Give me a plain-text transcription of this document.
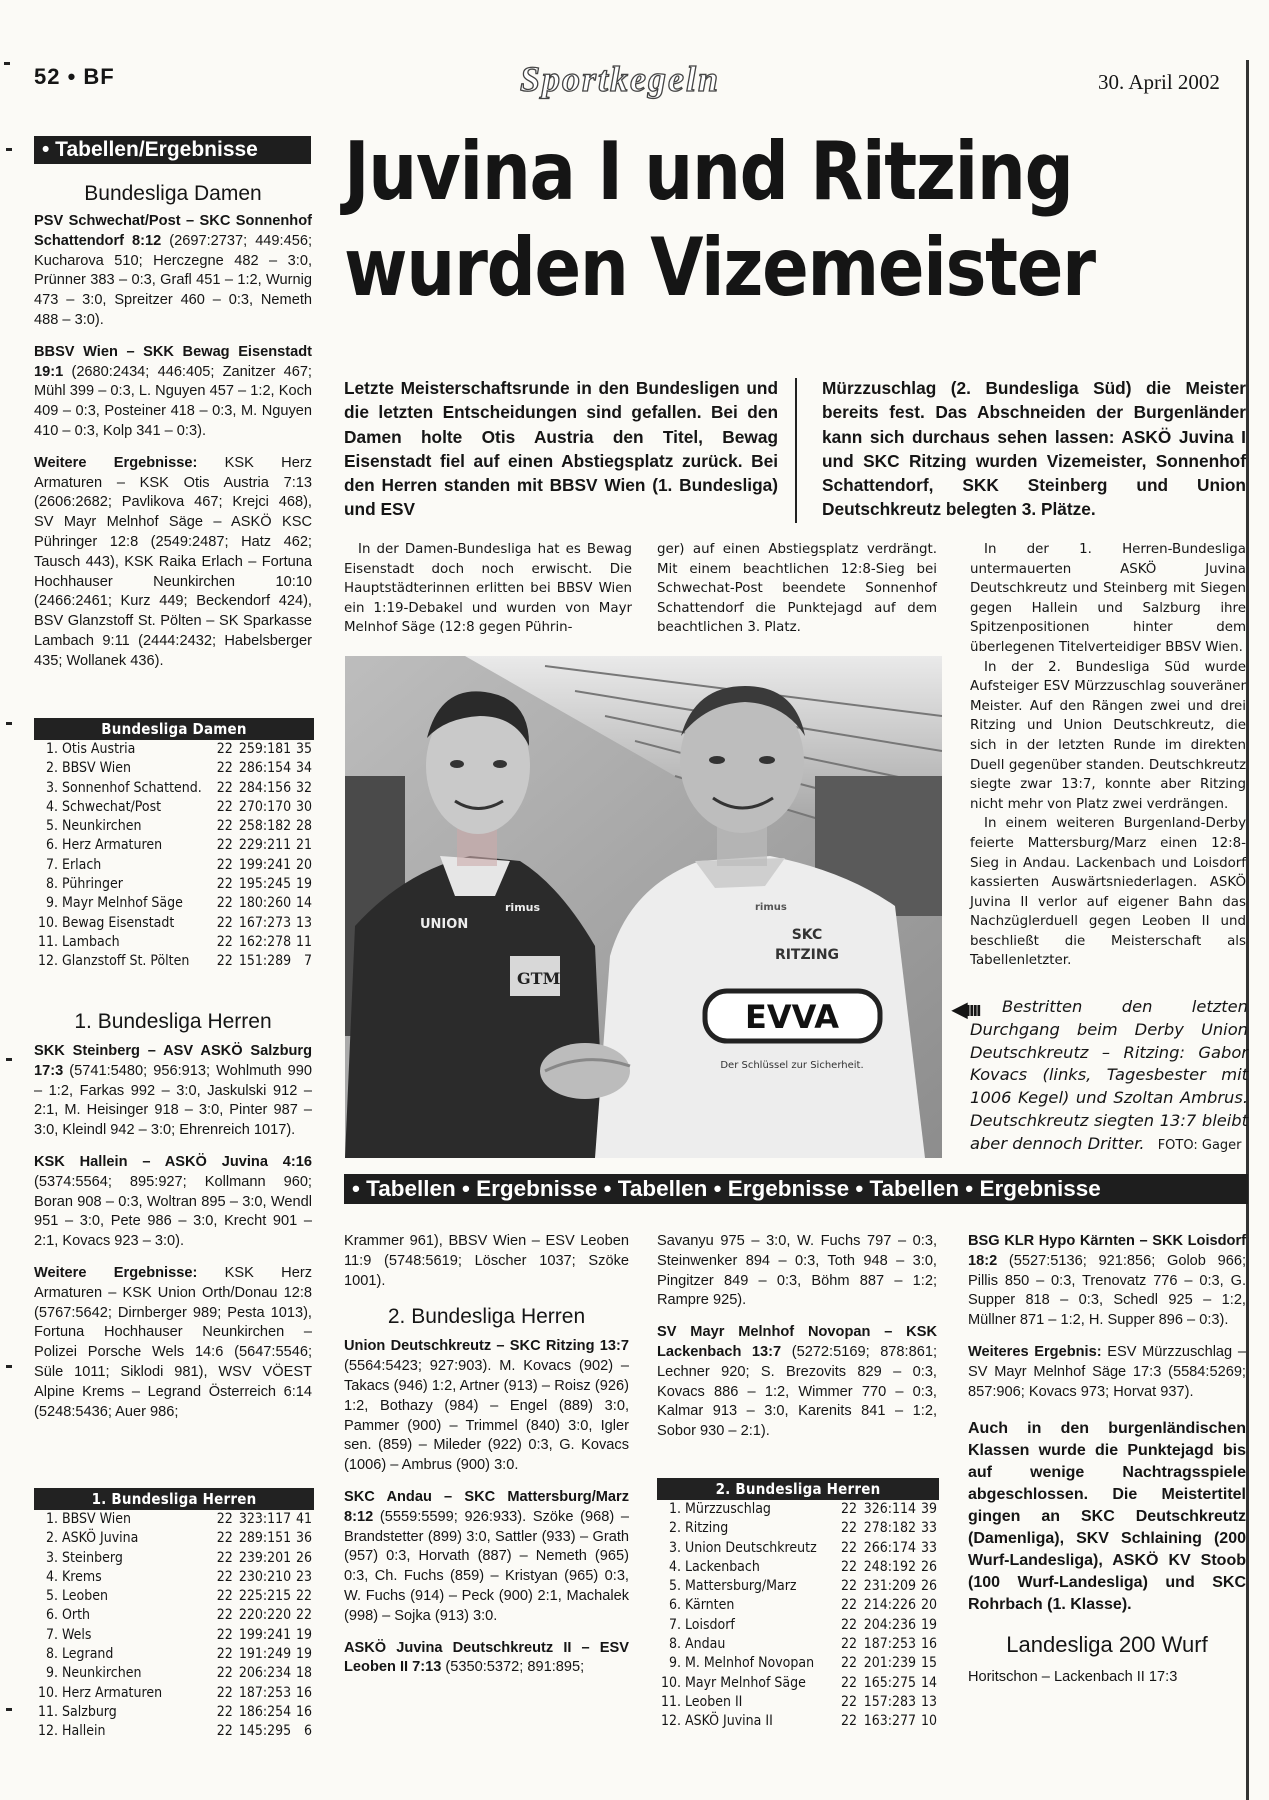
52 • BF	Sportkegeln	30. April 2002
• Tabellen/Ergebnisse
Bundesliga Damen

PSV Schwechat/Post – SKC Sonnenhof Schattendorf 8:12 (2697:2737; 449:456; Kucharova 510; Herczegne 482 – 3:0, Prünner 383 – 0:3, Grafl 451 – 1:2, Wurnig 473 – 3:0, Spreitzer 460 – 0:3, Nemeth 488 – 3:0).

BBSV Wien – SKK Bewag Eisenstadt 19:1 (2680:2434; 446:405; Zanitzer 467; Mühl 399 – 0:3, L. Nguyen 457 – 1:2, Koch 409 – 0:3, Posteiner 418 – 0:3, M. Nguyen 410 – 0:3, Kolp 341 – 0:3).

Weitere Ergebnisse: KSK Herz Armaturen – KSK Otis Austria 7:13 (2606:2682; Pavlikova 467; Krejci 468), SV Mayr Melnhof Säge – ASKÖ KSC Pühringer 12:8 (2549:2487; Hatz 462; Tausch 443), KSK Raika Erlach – Fortuna Hochhauser Neunkirchen 10:10 (2466:2461; Kurz 449; Beckendorf 424), BSV Glanzstoff St. Pölten – SK Sparkasse Lambach 9:11 (2444:2432; Habelsberger 435; Wollanek 436).

Bundesliga Damen
1.	Otis Austria	22	259:181	35
2.	BBSV Wien	22	286:154	34
3.	Sonnenhof Schattend.	22	284:156	32
4.	Schwechat/Post	22	270:170	30
5.	Neunkirchen	22	258:182	28
6.	Herz Armaturen	22	229:211	21
7.	Erlach	22	199:241	20
8.	Pühringer	22	195:245	19
9.	Mayr Melnhof Säge	22	180:260	14
10.	Bewag Eisenstadt	22	167:273	13
11.	Lambach	22	162:278	11
12.	Glanzstoff St. Pölten	22	151:289	7
1. Bundesliga Herren

SKK Steinberg – ASV ASKÖ Salzburg 17:3 (5741:5480; 956:913; Wohlmuth 990 – 1:2, Farkas 992 – 3:0, Jaskulski 912 – 2:1, M. Heisinger 918 – 3:0, Pinter 987 – 3:0, Kleindl 942 – 3:0; Ehrenreich 1017).

KSK Hallein – ASKÖ Juvina 4:16 (5374:5564; 895:927; Kollmann 960; Boran 908 – 0:3, Woltran 895 – 3:0, Wendl 951 – 3:0, Pete 986 – 3:0, Krecht 901 – 2:1, Kovacs 923 – 3:0).

Weitere Ergebnisse: KSK Herz Armaturen – KSK Union Orth/Donau 12:8 (5767:5642; Dirnberger 989; Pesta 1013), Fortuna Hochhauser Neunkirchen – Polizei Porsche Wels 14:6 (5647:5546; Süle 1011; Siklodi 981), WSV VÖEST Alpine Krems – Legrand Österreich 6:14 (5248:5436; Auer 986;

1. Bundesliga Herren
1.	BBSV Wien	22	323:117	41
2.	ASKÖ Juvina	22	289:151	36
3.	Steinberg	22	239:201	26
4.	Krems	22	230:210	23
5.	Leoben	22	225:215	22
6.	Orth	22	220:220	22
7.	Wels	22	199:241	19
8.	Legrand	22	191:249	19
9.	Neunkirchen	22	206:234	18
10.	Herz Armaturen	22	187:253	16
11.	Salzburg	22	186:254	16
12.	Hallein	22	145:295	6
Juvina I und Ritzing
wurden Vizemeister
Letzte Meisterschaftsrunde in den Bundesligen und die letzten Entscheidungen sind gefallen. Bei den Damen holte Otis Austria den Titel, Bewag Eisenstadt fiel auf einen Abstiegsplatz zurück. Bei den Herren standen mit BBSV Wien (1. Bundesliga) und ESV
Mürzzuschlag (2. Bundesliga Süd) die Meister bereits fest. Das Abschneiden der Burgenländer kann sich durchaus sehen lassen: ASKÖ Juvina I und SKC Ritzing wurden Vizemeister, Sonnenhof Schattendorf, SKK Steinberg und Union Deutschkreutz belegten 3. Plätze.
In der Damen-Bundesliga hat es Bewag Eisenstadt doch noch erwischt. Die Hauptstädterinnen erlitten bei BBSV Wien ein 1:19-Debakel und wurden von Mayr Melnhof Säge (12:8 gegen Pührin-
ger) auf einen Abstiegsplatz verdrängt. Mit einem beachtlichen 12:8-Sieg bei Schwechat-Post beendete Sonnenhof Schattendorf die Punktejagd auf dem beachtlichen 3. Platz.
In der 1. Herren-Bundesliga untermauerten ASKÖ Juvina Deutschkreutz und Steinberg mit Siegen gegen Hallein und Salzburg ihre Spitzenpositionen hinter dem überlegenen Titelverteidiger BBSV Wien.
In der 2. Bundesliga Süd wurde Aufsteiger ESV Mürzzuschlag souveräner Meister. Auf den Rängen zwei und drei Ritzing und Union Deutschkreutz, die sich in der letzten Runde im direkten Duell gegenüber standen. Deutschkreutz siegte zwar 13:7, konnte aber Ritzing nicht mehr von Platz zwei verdrängen.
In einem weiteren Burgenland-Derby feierte Mattersburg/Marz einen 12:8-Sieg in Andau. Lackenbach und Loisdorf kassierten Auswärtsniederlagen. ASKÖ Juvina II verlor auf eigener Bahn das Nachzüglerduell gegen Leoben II und beschließt die Meisterschaft als Tabellenletzter.
UNION
rimus
GTM
rimus
SKC
RITZING
EVVA
Der Schlüssel zur Sicherheit.
◀ıııı	Bestritten den letzten Durchgang beim Derby Union Deutschkreutz – Ritzing: Gabor Kovacs (links, Tagesbester mit 1006 Kegel) und Szoltan Ambrus. Deutschkreutz siegten 13:7 bleibt aber dennoch Dritter. FOTO: Gager
• Tabellen • Ergebnisse • Tabellen • Ergebnisse • Tabellen • Ergebnisse

Krammer 961), BBSV Wien – ESV Leoben 11:9 (5748:5619; Löscher 1037; Szöke 1001).

2. Bundesliga Herren

Union Deutschkreutz – SKC Ritzing 13:7 (5564:5423; 927:903). M. Kovacs (902) – Takacs (946) 1:2, Artner (913) – Roisz (926) 1:2, Bothazy (984) – Engel (889) 3:0, Pammer (900) – Trimmel (840) 3:0, Igler sen. (859) – Mileder (922) 0:3, G. Kovacs (1006) – Ambrus (900) 3:0.

SKC Andau – SKC Mattersburg/Marz 8:12 (5559:5599; 926:933). Szöke (968) – Brandstetter (899) 3:0, Sattler (933) – Grath (957) 0:3, Horvath (887) – Nemeth (965) 0:3, Ch. Fuchs (859) – Kristyan (965) 0:3, W. Fuchs (914) – Peck (900) 2:1, Machalek (998) – Sojka (913) 3:0.

ASKÖ Juvina Deutschkreutz II – ESV Leoben II 7:13 (5350:5372; 891:895;

Savanyu 975 – 3:0, W. Fuchs 797 – 0:3, Steinwenker 894 – 0:3, Toth 948 – 3:0, Pingitzer 849 – 0:3, Böhm 887 – 1:2; Rampre 925).

SV Mayr Melnhof Novopan – KSK Lackenbach 13:7 (5272:5169; 878:861; Lechner 920; S. Brezovits 829 – 0:3, Kovacs 886 – 1:2, Wimmer 770 – 0:3, Kalmar 913 – 3:0, Karenits 841 – 1:2, Sobor 930 – 2:1).

2. Bundesliga Herren
1.	Mürzzuschlag	22	326:114	39
2.	Ritzing	22	278:182	33
3.	Union Deutschkreutz	22	266:174	33
4.	Lackenbach	22	248:192	26
5.	Mattersburg/Marz	22	231:209	26
6.	Kärnten	22	214:226	20
7.	Loisdorf	22	204:236	19
8.	Andau	22	187:253	16
9.	M. Melnhof Novopan	22	201:239	15
10.	Mayr Melnhof Säge	22	165:275	14
11.	Leoben II	22	157:283	13
12.	ASKÖ Juvina II	22	163:277	10

BSG KLR Hypo Kärnten – SKK Loisdorf 18:2 (5527:5136; 921:856; Golob 966; Pillis 850 – 0:3, Trenovatz 776 – 0:3, G. Supper 818 – 0:3, Schedl 925 – 1:2, Müllner 871 – 1:2, H. Supper 896 – 0:3).

Weiteres Ergebnis: ESV Mürzzuschlag – SV Mayr Melnhof Säge 17:3 (5584:5269; 857:906; Kovacs 973; Horvat 937).

Auch in den burgenländischen Klassen wurde die Punktejagd bis auf wenige Nachtragsspiele abgeschlossen. Die Meistertitel gingen an SKC Deutschkreutz (Damenliga), SKV Schlaining (200 Wurf-Landesliga), ASKÖ KV Stoob (100 Wurf-Landesliga) und SKC Rohrbach (1. Klasse).

Landesliga 200 Wurf

Horitschon – Lackenbach II 17:3
